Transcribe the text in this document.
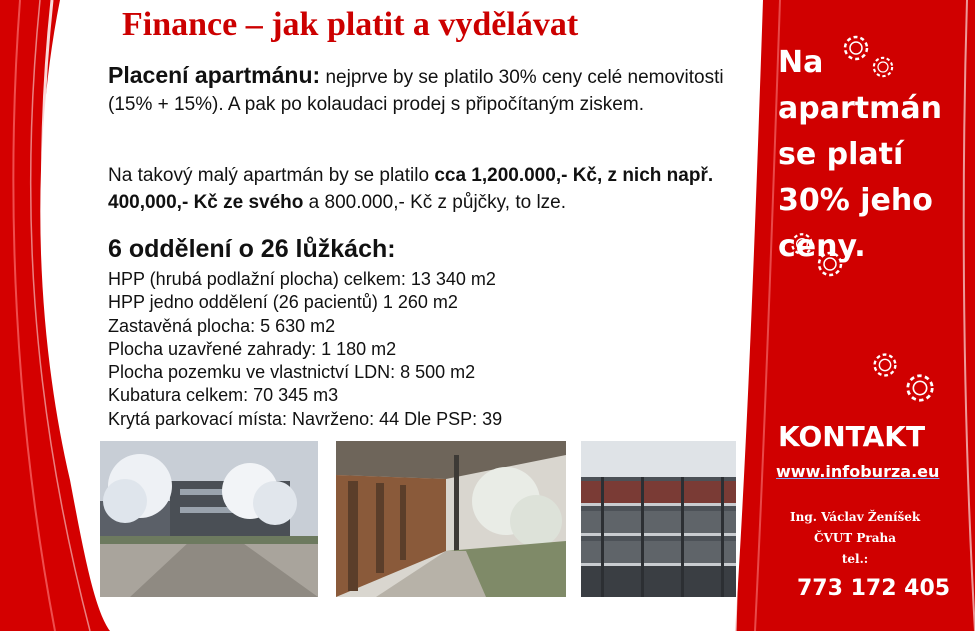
Finance – jak platit a vydělávat
Placení apartmánu: nejprve by se platilo 30% ceny celé nemovitosti (15% + 15%). A pak po kolaudaci prodej s připočítaným ziskem.
Na takový malý apartmán by se platilo cca 1,200.000,- Kč, z nich např. 400,000,- Kč ze svého a 800.000,- Kč z půjčky, to lze.
6 oddělení o 26 lůžkách:
HPP (hrubá podlažní plocha) celkem: 13 340 m2
HPP jedno oddělení (26 pacientů) 1 260 m2
Zastavěná plocha: 5 630 m2
Plocha uzavřené zahrady: 1 180 m2
Plocha pozemku ve vlastnictví LDN: 8 500 m2
Kubatura celkem: 70 345 m3
Krytá parkovací místa: Navrženo: 44 Dle PSP: 39
Na
apartmán
se platí
30% jeho
ceny.
KONTAKT
www.infoburza.eu
Ing. Václav Ženíšek
ČVUT Praha
tel.:
773 172 405
